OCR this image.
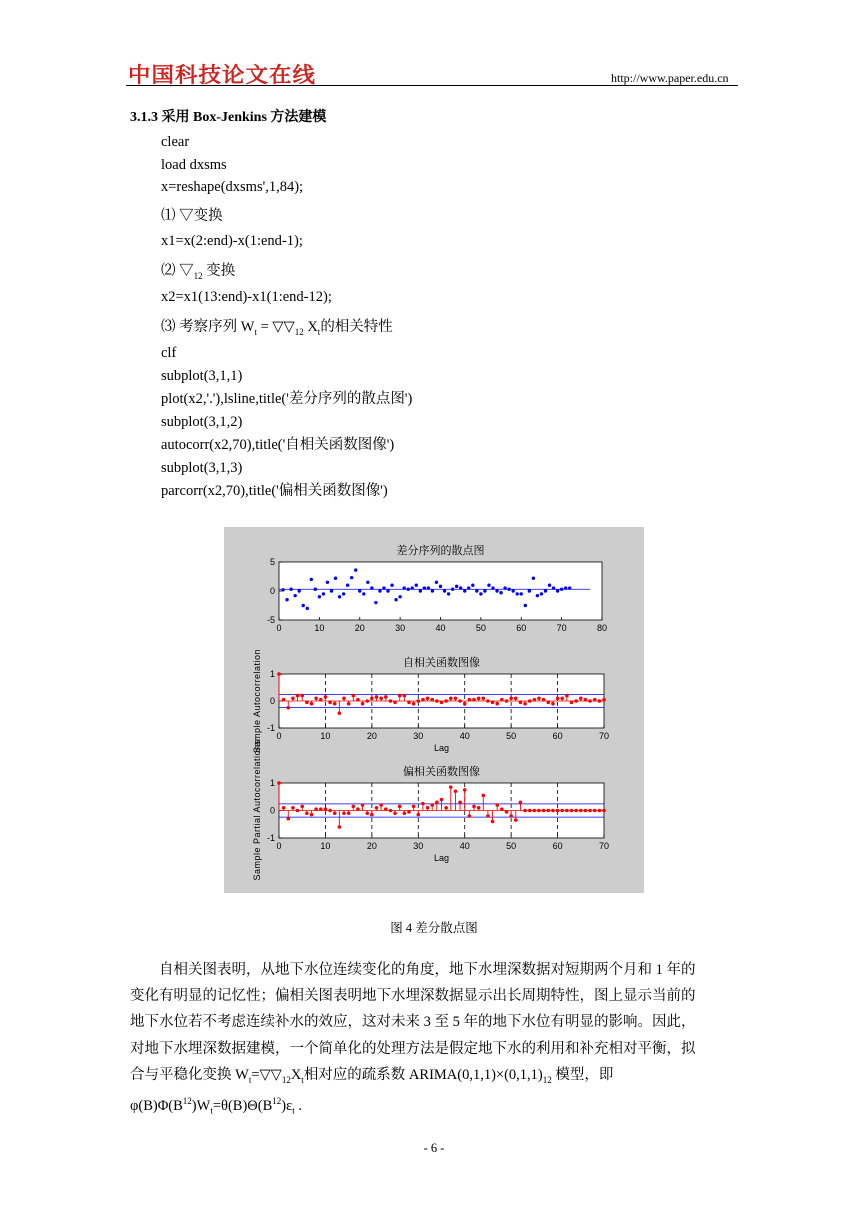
中国科技论文在线	http://www.paper.edu.cn
3.1.3 采用 Box-Jenkins 方法建模
clear
load dxsms
x=reshape(dxsms',1,84);
⑴ ▽变换
x1=x(2:end)-x(1:end-1);
⑵ $▽_{12}$ 变换
x2=x1(13:end)-x1(1:end-12);
⑶ 考察序列 $W_t$ = $▽▽_{12}$ $X_t$的相关特性
clf
subplot(3,1,1)
plot(x2,'.'),lsline,title('差分序列的散点图')
subplot(3,1,2)
autocorr(x2,70),title('自相关函数图像')
subplot(3,1,3)
parcorr(x2,70),title('偏相关函数图像')
差分序列的散点图
0	10	20	30	40	50	60	70	80
5
0
-5
自相关函数图像
0	10	20	30	40	50	60	70
1
0
-1
Lag
偏相关函数图像
0	10	20	30	40	50	60	70
1
0
-1
Lag
Sample Autocorrelation
Sample Partial Autocorrelations
图 4 差分散点图
自相关图表明，从地下水位连续变化的角度，地下水埋深数据对短期两个月和 1 年的
变化有明显的记忆性；偏相关图表明地下水埋深数据显示出长周期特性，图上显示当前的
地下水位若不考虑连续补水的效应，这对未来 3 至 5 年的地下水位有明显的影响。因此，
对地下水埋深数据建模，一个简单化的处理方法是假定地下水的利用和补充相对平衡，拟
合与平稳化变换 $W_t=▽▽_{12}X_t$相对应的疏系数 $ARIMA(0,1,1)\times(0,1,1)_{12}$ 模型，即
$\varphi(B)\Phi(B^{12})W_t=\theta(B)\Theta(B^{12})\varepsilon_t$ .
- 6 -
